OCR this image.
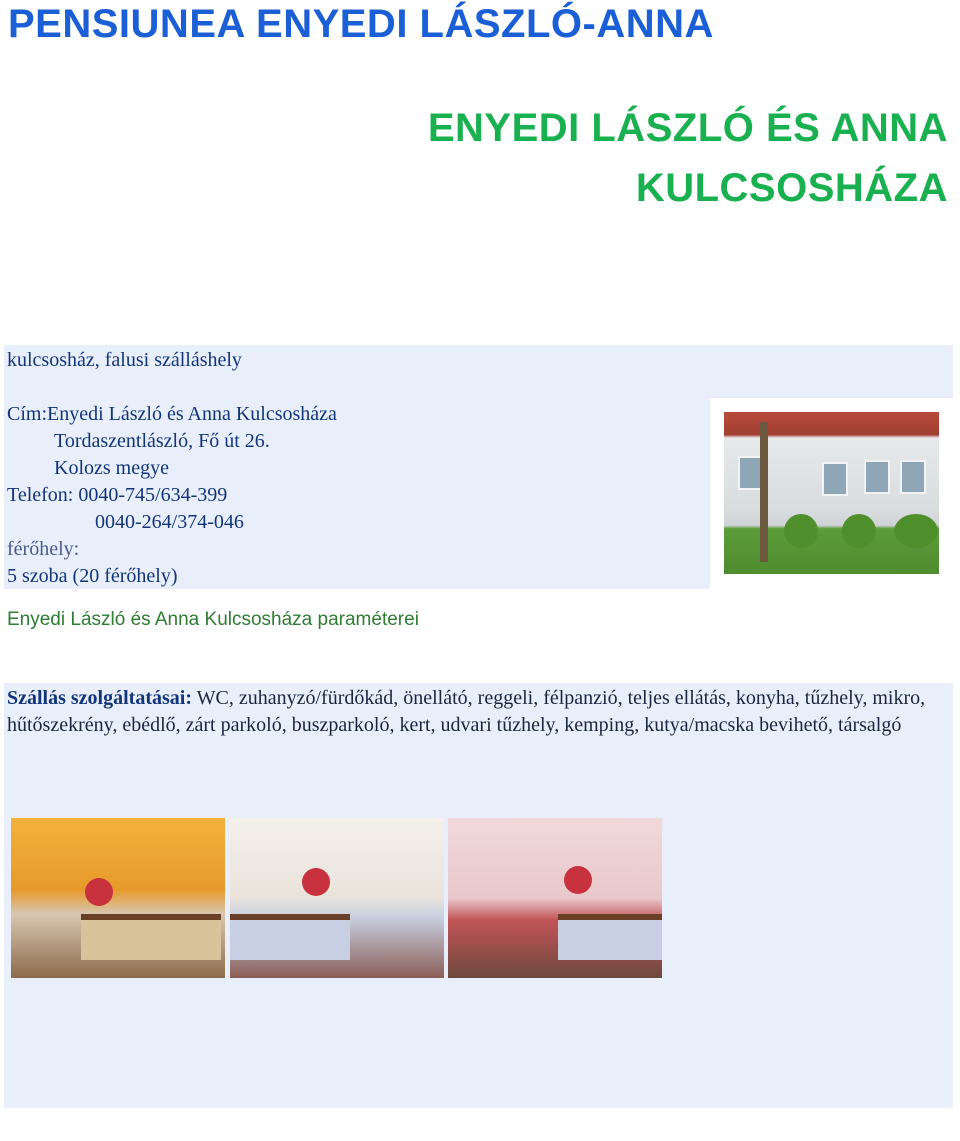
PENSIUNEA ENYEDI LÁSZLÓ-ANNA
ENYEDI LÁSZLÓ ÉS ANNA
KULCSOSHÁZA
kulcsosház, falusi szálláshely
Cím:Enyedi László és Anna Kulcsosháza
Tordaszentlászló, Fő út 26.
Kolozs megye
Telefon: 0040-745/634-399
0040-264/374-046
férőhely:
5 szoba (20 férőhely)
Enyedi László és Anna Kulcsosháza paraméterei

Szállás szolgáltatásai: WC, zuhanyzó/fürdőkád, önellátó, reggeli, félpanzió, teljes ellátás, konyha, tűzhely, mikro, hűtőszekrény, ebédlő, zárt parkoló, buszparkoló, kert, udvari tűzhely, kemping, kutya/macska bevihető, társalgó
